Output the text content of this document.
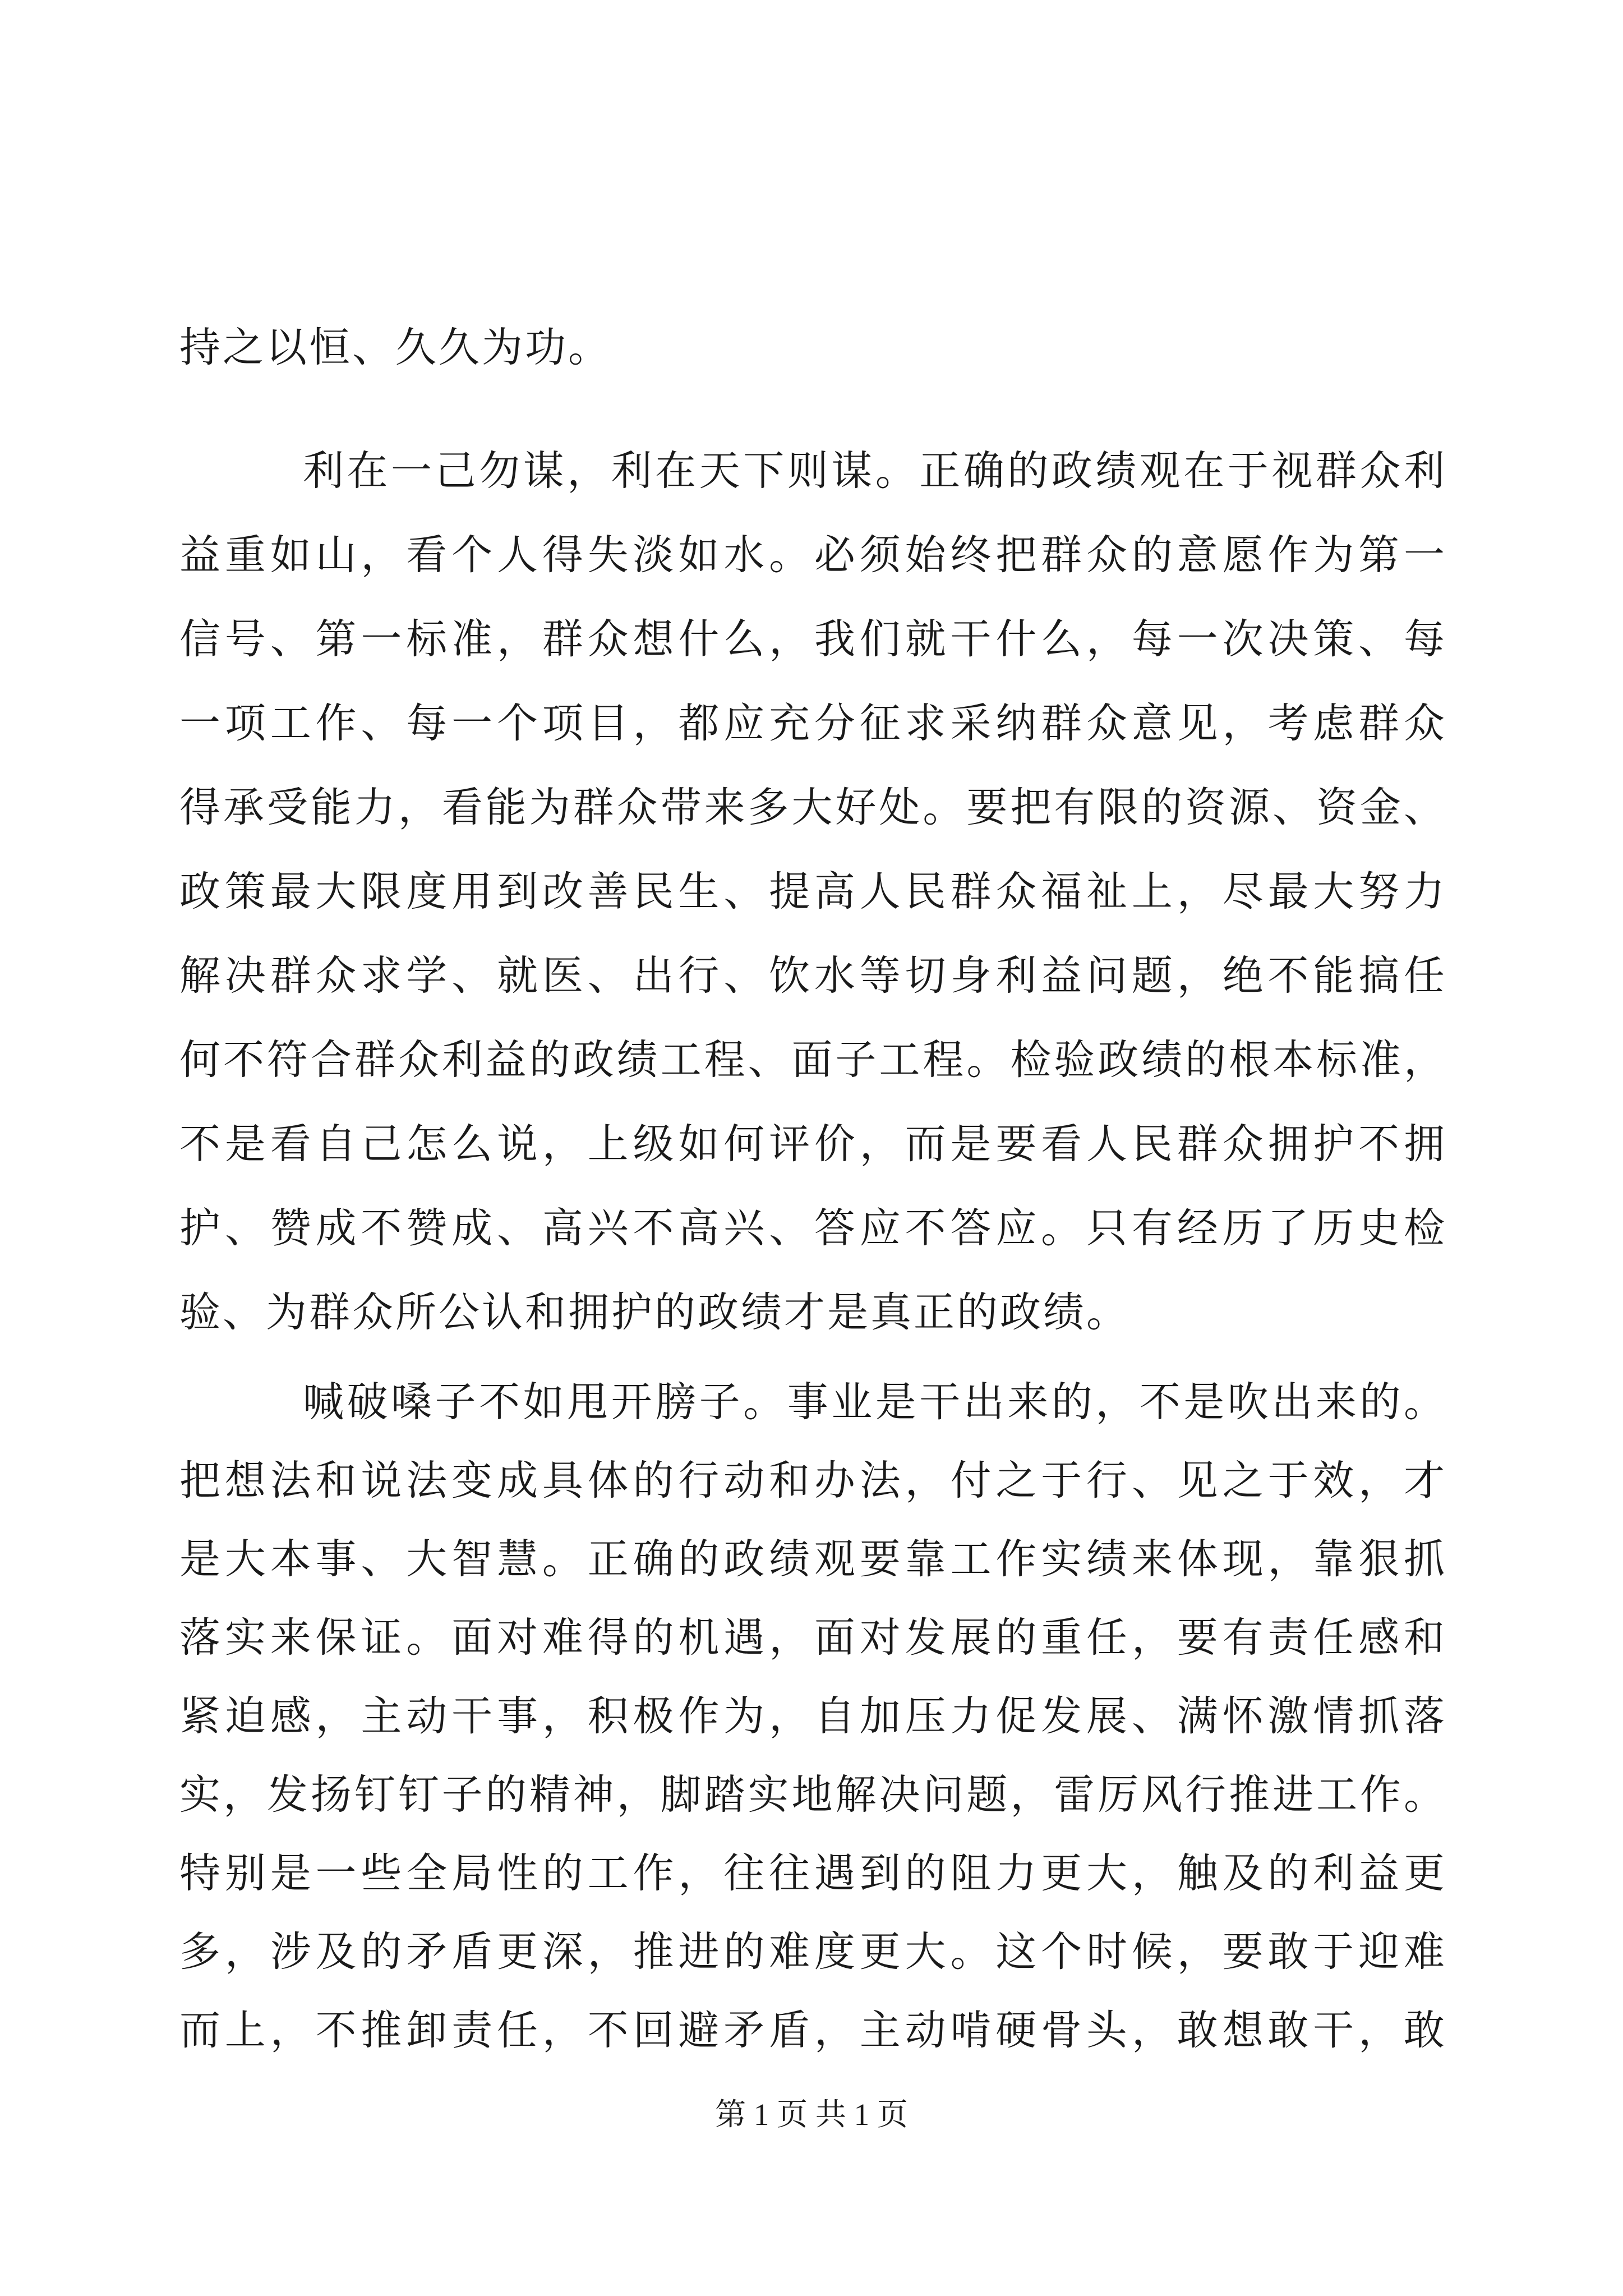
持之以恒、久久为功。
利在一己勿谋，利在天下则谋。正确的政绩观在于视群众利
益重如山，看个人得失淡如水。必须始终把群众的意愿作为第一
信号、第一标准，群众想什么，我们就干什么，每一次决策、每
一项工作、每一个项目，都应充分征求采纳群众意见，考虑群众
得承受能力，看能为群众带来多大好处。要把有限的资源、资金、
政策最大限度用到改善民生、提高人民群众福祉上，尽最大努力
解决群众求学、就医、出行、饮水等切身利益问题，绝不能搞任
何不符合群众利益的政绩工程、面子工程。检验政绩的根本标准，
不是看自己怎么说，上级如何评价，而是要看人民群众拥护不拥
护、赞成不赞成、高兴不高兴、答应不答应。只有经历了历史检
验、为群众所公认和拥护的政绩才是真正的政绩。
喊破嗓子不如甩开膀子。事业是干出来的，不是吹出来的。
把想法和说法变成具体的行动和办法，付之于行、见之于效，才
是大本事、大智慧。正确的政绩观要靠工作实绩来体现，靠狠抓
落实来保证。面对难得的机遇，面对发展的重任，要有责任感和
紧迫感，主动干事，积极作为，自加压力促发展、满怀激情抓落
实，发扬钉钉子的精神，脚踏实地解决问题，雷厉风行推进工作。
特别是一些全局性的工作，往往遇到的阻力更大，触及的利益更
多，涉及的矛盾更深，推进的难度更大。这个时候，要敢于迎难
而上，不推卸责任，不回避矛盾，主动啃硬骨头，敢想敢干，敢
第 1 页 共 1 页
